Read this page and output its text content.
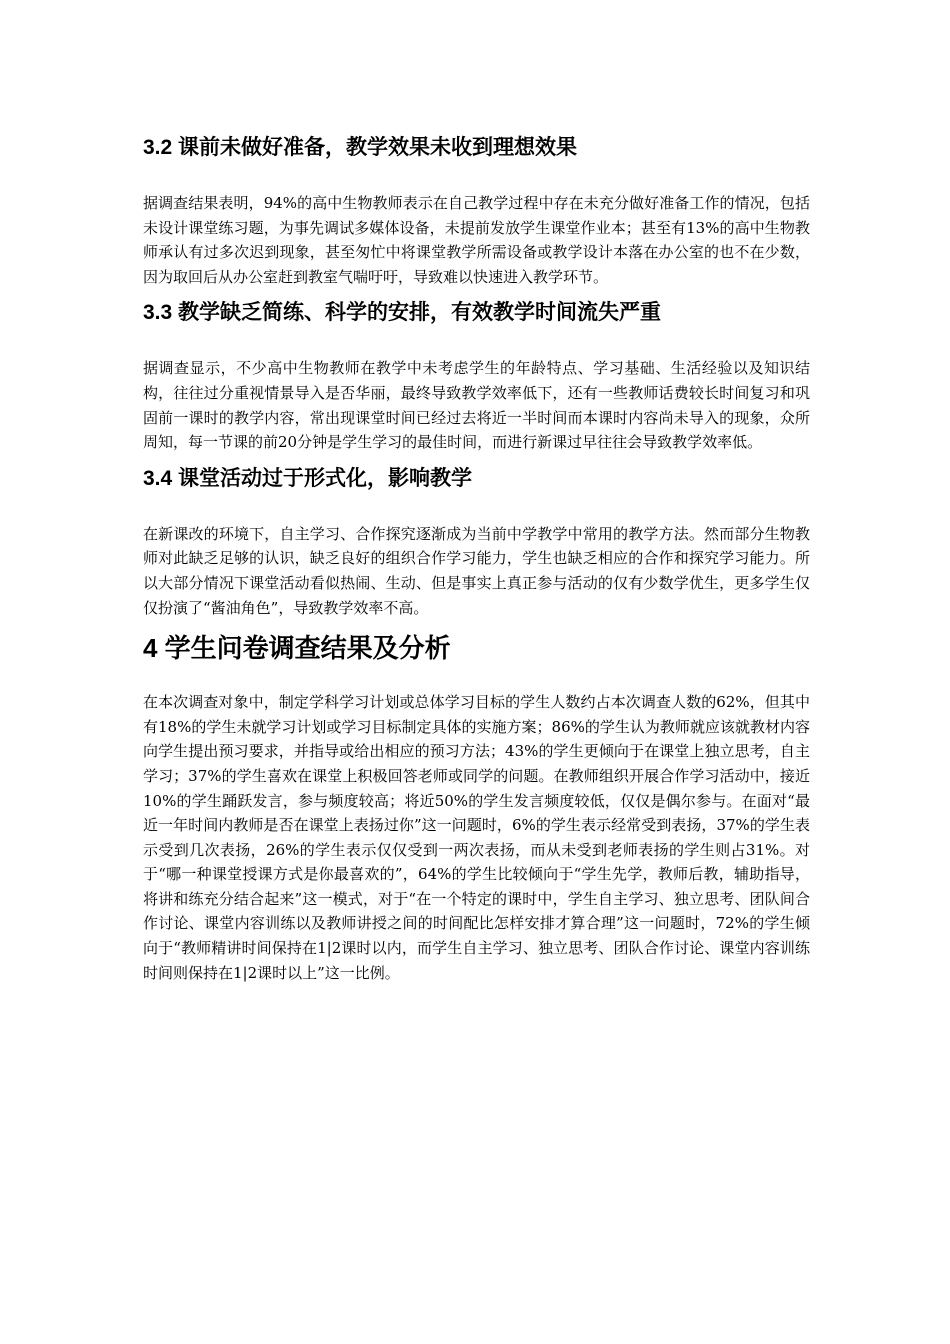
3.2 课前未做好准备，教学效果未收到理想效果

据调查结果表明，94%的高中生物教师表示在自己教学过程中存在未充分做好准备工作的情况，包括未设计课堂练习题，为事先调试多媒体设备，未提前发放学生课堂作业本；甚至有13%的高中生物教师承认有过多次迟到现象，甚至匆忙中将课堂教学所需设备或教学设计本落在办公室的也不在少数，因为取回后从办公室赶到教室气喘吁吁，导致难以快速进入教学环节。

3.3 教学缺乏简练、科学的安排，有效教学时间流失严重

据调查显示，不少高中生物教师在教学中未考虑学生的年龄特点、学习基础、生活经验以及知识结构，往往过分重视情景导入是否华丽，最终导致教学效率低下，还有一些教师话费较长时间复习和巩固前一课时的教学内容，常出现课堂时间已经过去将近一半时间而本课时内容尚未导入的现象，众所周知，每一节课的前20分钟是学生学习的最佳时间，而进行新课过早往往会导致教学效率低。

3.4 课堂活动过于形式化，影响教学

在新课改的环境下，自主学习、合作探究逐渐成为当前中学教学中常用的教学方法。然而部分生物教师对此缺乏足够的认识，缺乏良好的组织合作学习能力，学生也缺乏相应的合作和探究学习能力。所以大部分情况下课堂活动看似热闹、生动、但是事实上真正参与活动的仅有少数学优生，更多学生仅仅扮演了“酱油角色”，导致教学效率不高。

4 学生问卷调查结果及分析

在本次调查对象中，制定学科学习计划或总体学习目标的学生人数约占本次调查人数的62%，但其中有18%的学生未就学习计划或学习目标制定具体的实施方案；86%的学生认为教师就应该就教材内容向学生提出预习要求，并指导或给出相应的预习方法；43%的学生更倾向于在课堂上独立思考，自主学习；37%的学生喜欢在课堂上积极回答老师或同学的问题。在教师组织开展合作学习活动中，接近10%的学生踊跃发言，参与频度较高；将近50%的学生发言频度较低，仅仅是偶尔参与。在面对“最近一年时间内教师是否在课堂上表扬过你”这一问题时，6%的学生表示经常受到表扬，37%的学生表示受到几次表扬，26%的学生表示仅仅受到一两次表扬，而从未受到老师表扬的学生则占31%。对于“哪一种课堂授课方式是你最喜欢的”，64%的学生比较倾向于“学生先学，教师后教，辅助指导，将讲和练充分结合起来”这一模式，对于“在一个特定的课时中，学生自主学习、独立思考、团队间合作讨论、课堂内容训练以及教师讲授之间的时间配比怎样安排才算合理”这一问题时，72%的学生倾向于“教师精讲时间保持在1|2课时以内，而学生自主学习、独立思考、团队合作讨论、课堂内容训练时间则保持在1|2课时以上”这一比例。
